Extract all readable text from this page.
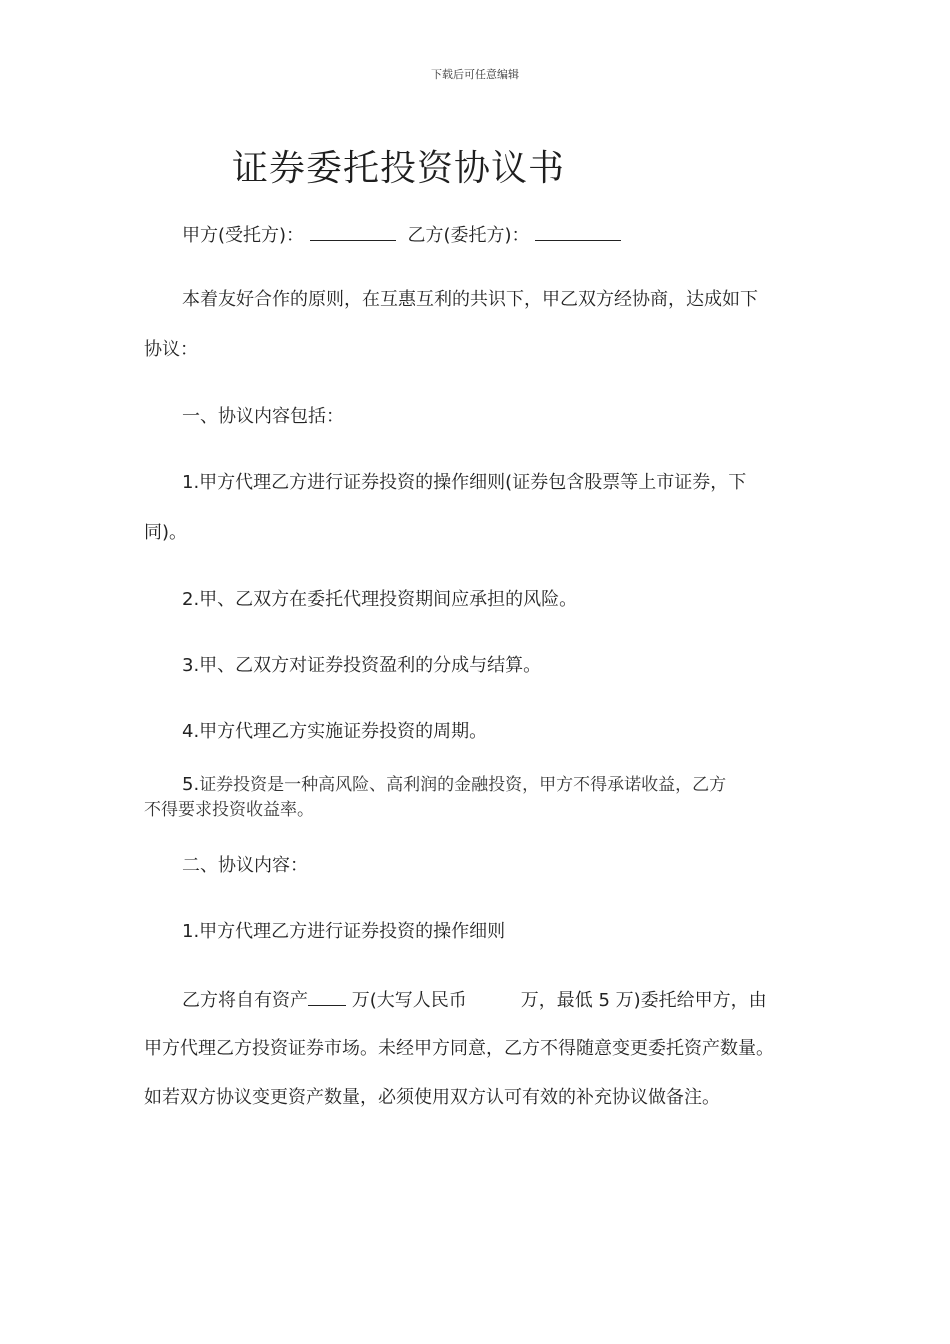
下载后可任意编辑
证券委托投资协议书
甲方(受托方)：	乙方(委托方)：
本着友好合作的原则，在互惠互利的共识下，甲乙双方经协商，达成如下
协议：
一、协议内容包括：
1.甲方代理乙方进行证券投资的操作细则(证券包含股票等上市证券，下
同)。
2.甲、乙双方在委托代理投资期间应承担的风险。
3.甲、乙双方对证券投资盈利的分成与结算。
4.甲方代理乙方实施证券投资的周期。
5.证券投资是一种高风险、高利润的金融投资，甲方不得承诺收益，乙方
不得要求投资收益率。
二、协议内容：
1.甲方代理乙方进行证券投资的操作细则
乙方将自有资产 万(大写人民币	万，最低 5 万)委托给甲方，由
甲方代理乙方投资证券市场。未经甲方同意，乙方不得随意变更委托资产数量。
如若双方协议变更资产数量，必须使用双方认可有效的补充协议做备注。
